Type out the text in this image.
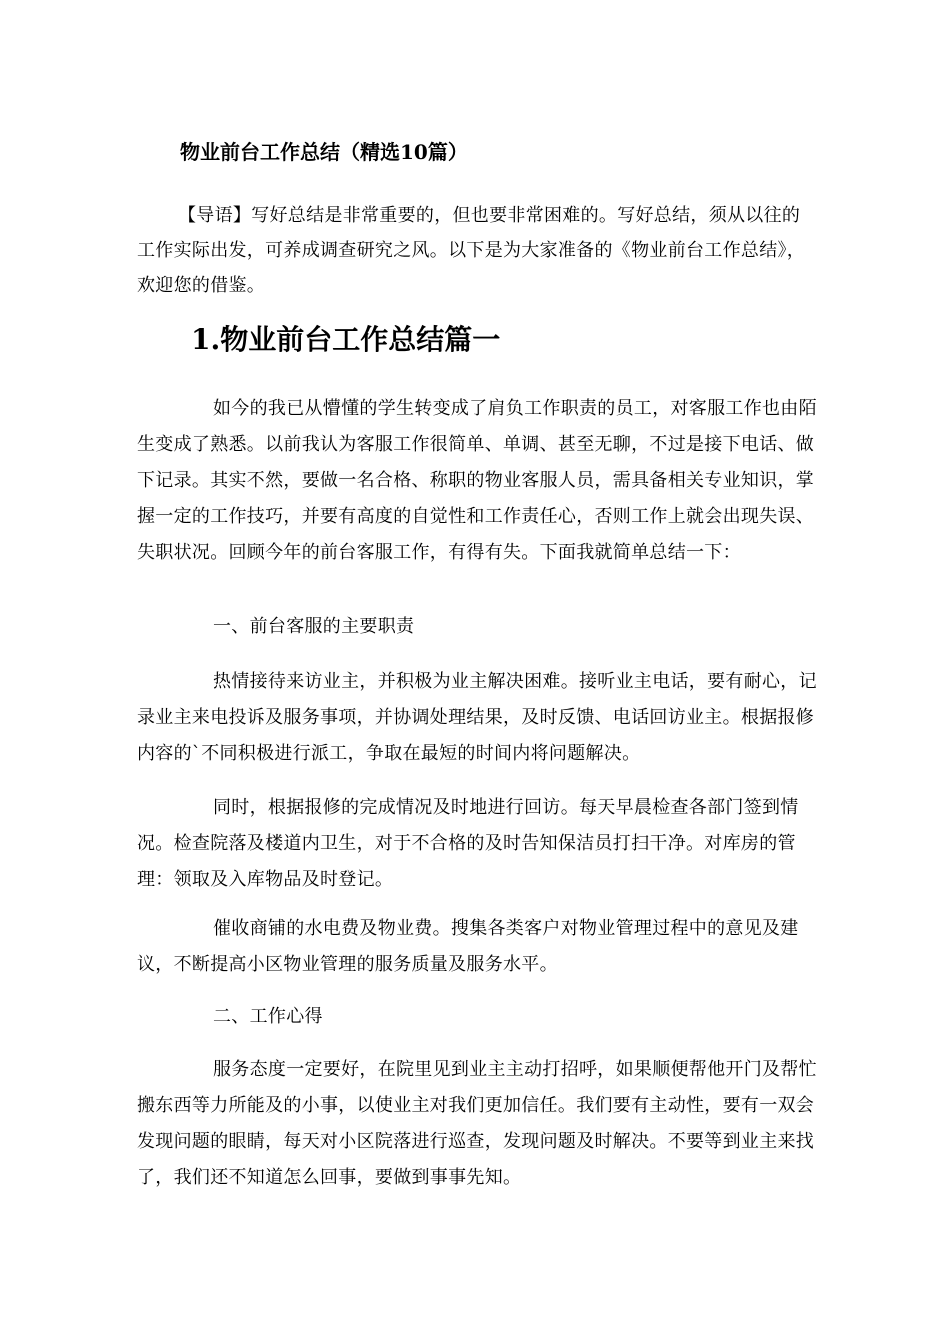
物业前台工作总结（精选10篇）

【导语】写好总结是非常重要的，但也要非常困难的。写好总结，须从以往的工作实际出发，可养成调查研究之风。以下是为大家准备的《物业前台工作总结》，欢迎您的借鉴。

1.物业前台工作总结篇一

如今的我已从懵懂的学生转变成了肩负工作职责的员工，对客服工作也由陌生变成了熟悉。以前我认为客服工作很简单、单调、甚至无聊，不过是接下电话、做下记录。其实不然，要做一名合格、称职的物业客服人员，需具备相关专业知识，掌握一定的工作技巧，并要有高度的自觉性和工作责任心，否则工作上就会出现失误、失职状况。回顾今年的前台客服工作，有得有失。下面我就简单总结一下：

一、前台客服的主要职责

热情接待来访业主，并积极为业主解决困难。接听业主电话，要有耐心，记录业主来电投诉及服务事项，并协调处理结果，及时反馈、电话回访业主。根据报修内容的`不同积极进行派工，争取在最短的时间内将问题解决。

同时，根据报修的完成情况及时地进行回访。每天早晨检查各部门签到情况。检查院落及楼道内卫生，对于不合格的及时告知保洁员打扫干净。对库房的管理：领取及入库物品及时登记。

催收商铺的水电费及物业费。搜集各类客户对物业管理过程中的意见及建议，不断提高小区物业管理的服务质量及服务水平。

二、工作心得

服务态度一定要好，在院里见到业主主动打招呼，如果顺便帮他开门及帮忙搬东西等力所能及的小事，以使业主对我们更加信任。我们要有主动性，要有一双会发现问题的眼睛，每天对小区院落进行巡查，发现问题及时解决。不要等到业主来找了，我们还不知道怎么回事，要做到事事先知。
